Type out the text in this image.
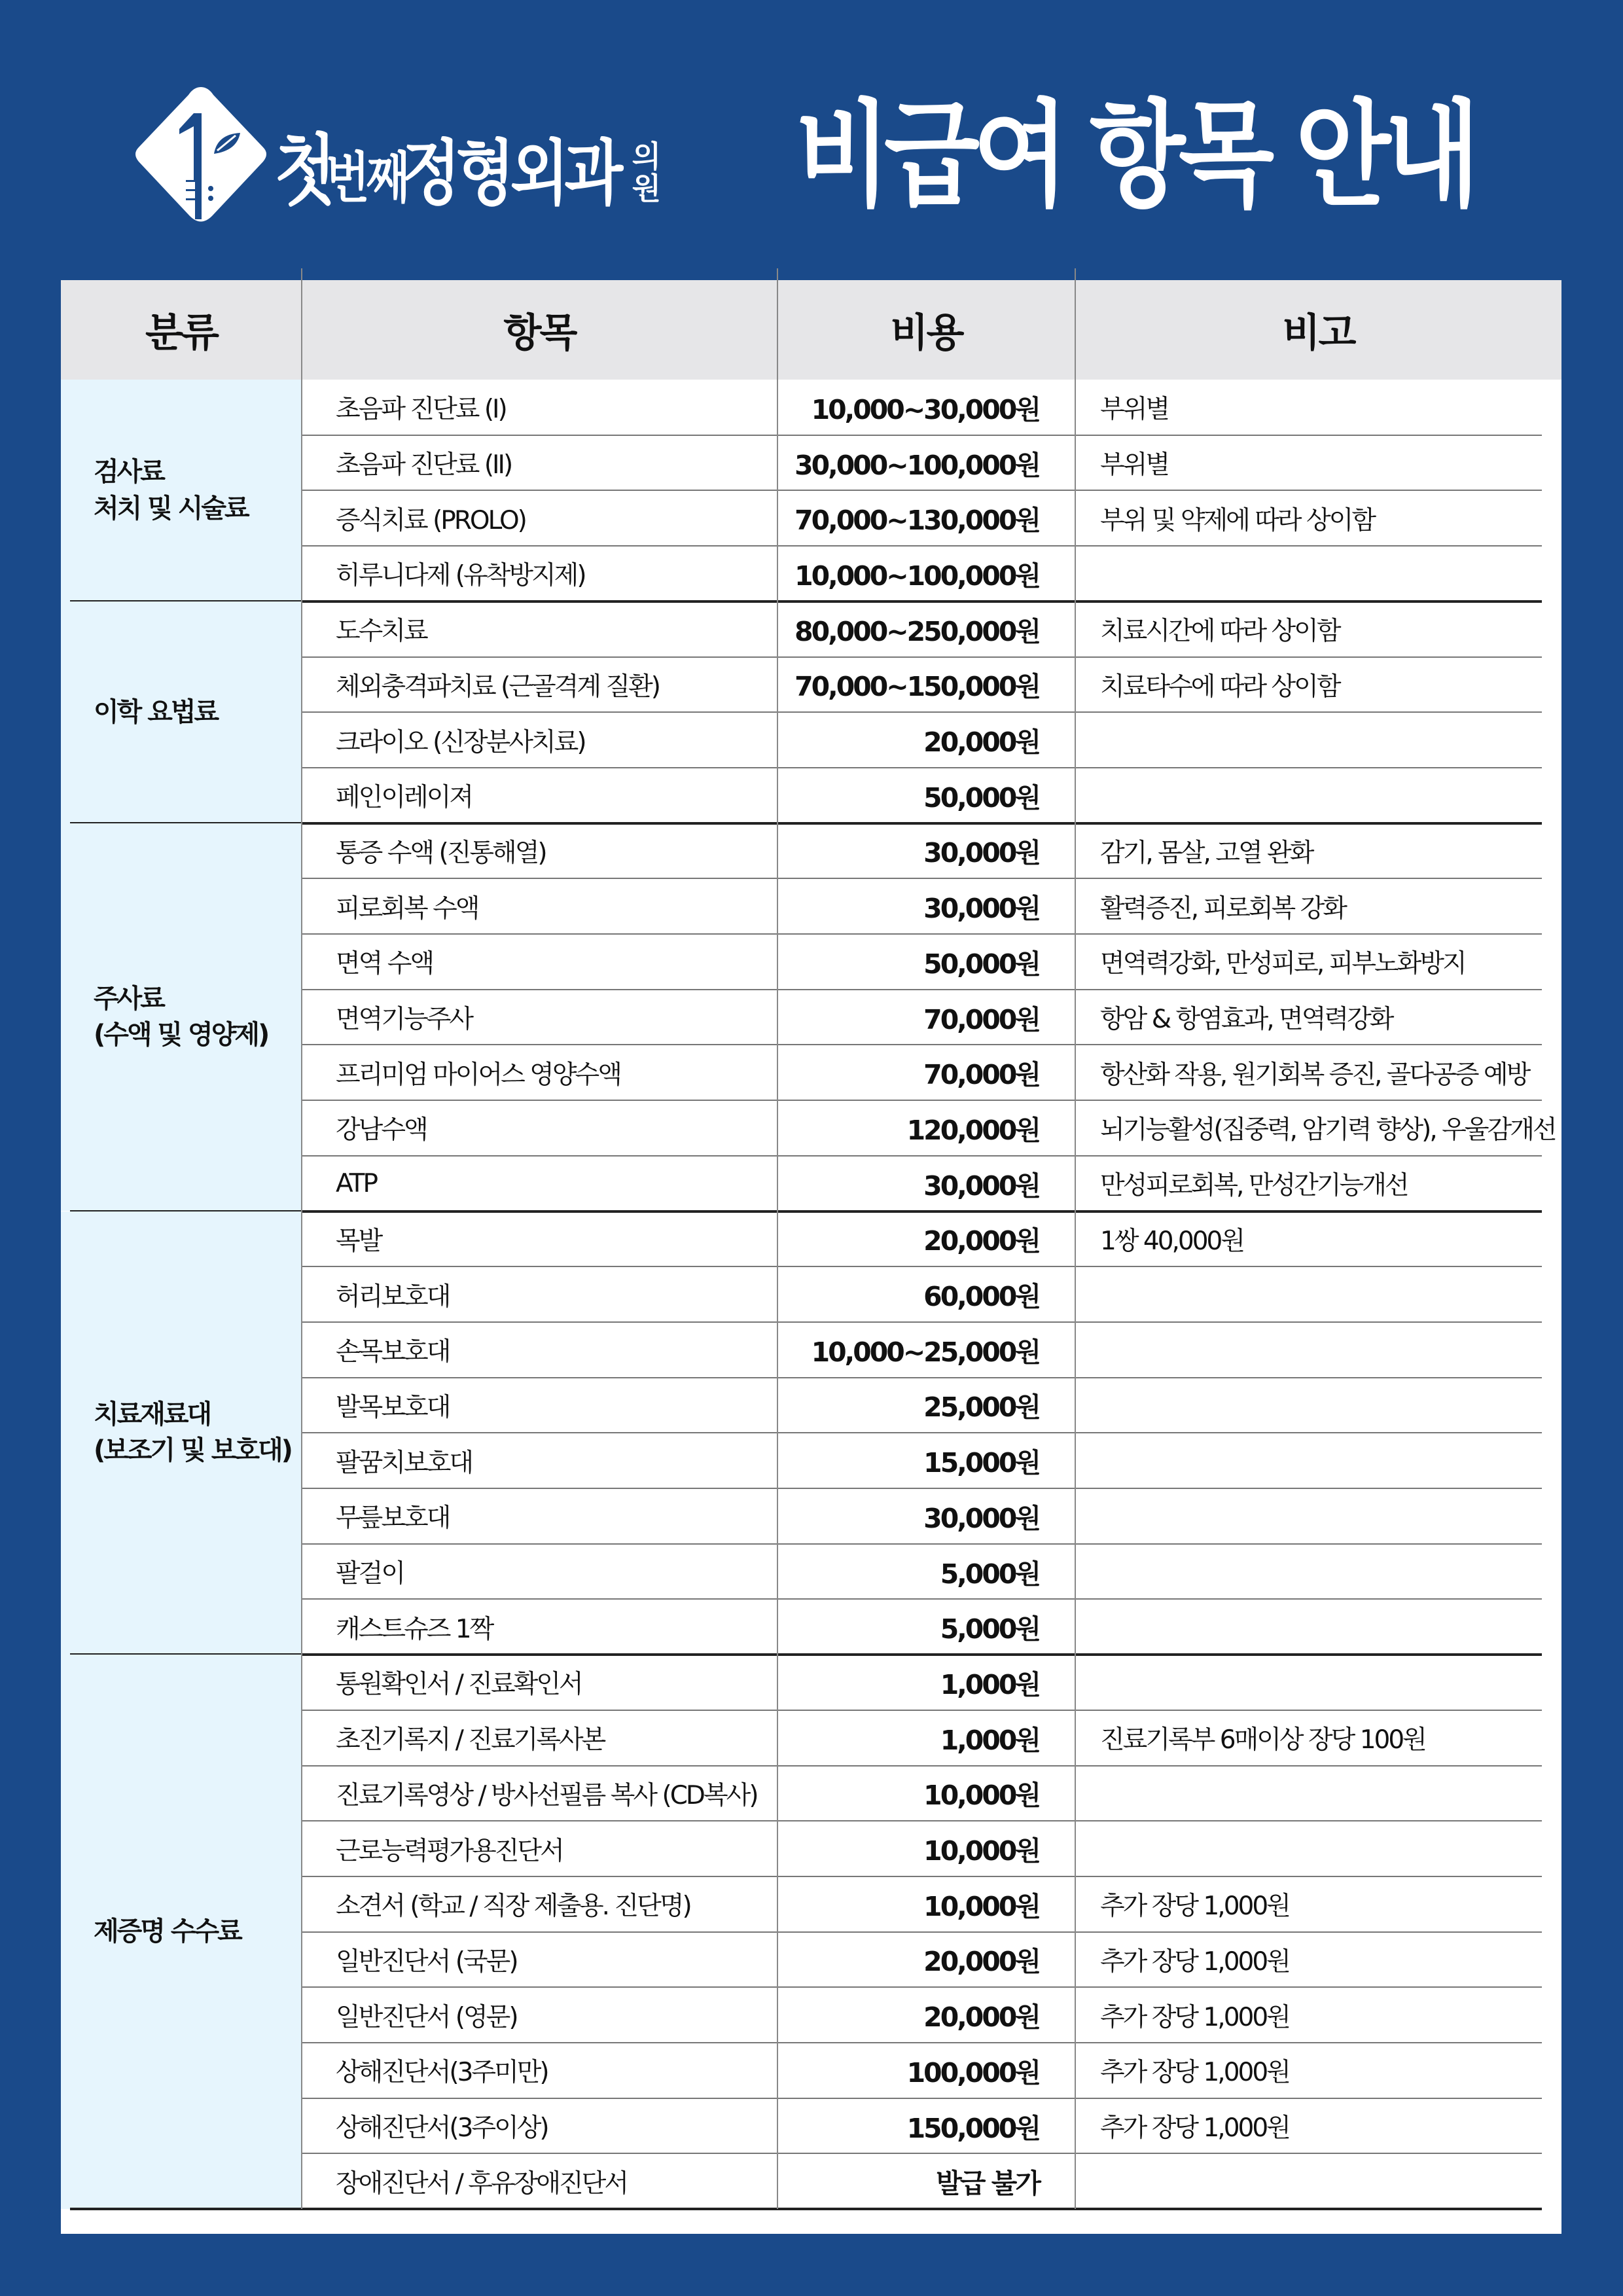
첫
번째
정형외과 의
원 비급여 항목 안내
분류	항목	비용	비고
검사료
처치 및 시술료
초음파 진단료 (I)	10,000~30,000원 부위별
초음파 진단료 (II)	30,000~100,000원 부위별
증식치료 (PROLO)	70,000~130,000원 부위 및 약제에 따라 상이함
히루니다제 (유착방지제)	10,000~100,000원
이학 요법료
도수치료	80,000~250,000원 치료시간에 따라 상이함
체외충격파치료 (근골격계 질환)	70,000~150,000원 치료타수에 따라 상이함
크라이오 (신장분사치료)	20,000원
페인이레이져	50,000원
주사료
(수액 및 영양제)
통증 수액 (진통해열)	30,000원 감기, 몸살, 고열 완화
피로회복 수액	30,000원 활력증진, 피로회복 강화
면역 수액	50,000원 면역력강화, 만성피로, 피부노화방지
면역기능주사	70,000원 항암 & 항염효과, 면역력강화
프리미엄 마이어스 영양수액	70,000원 항산화 작용, 원기회복 증진, 골다공증 예방
강남수액	120,000원 뇌기능활성(집중력, 암기력 향상), 우울감개선
ATP	30,000원 만성피로회복, 만성간기능개선
치료재료대
(보조기 및 보호대)
목발	20,000원 1쌍 40,000원
허리보호대	60,000원
손목보호대	10,000~25,000원
발목보호대	25,000원
팔꿈치보호대	15,000원
무릎보호대	30,000원
팔걸이	5,000원
캐스트슈즈 1짝	5,000원
제증명 수수료
통원확인서 / 진료확인서	1,000원
초진기록지 / 진료기록사본	1,000원 진료기록부 6매이상 장당 100원
진료기록영상 / 방사선필름 복사 (CD복사)	10,000원
근로능력평가용진단서	10,000원
소견서 (학교 / 직장 제출용. 진단명)	10,000원 추가 장당 1,000원
일반진단서 (국문)	20,000원 추가 장당 1,000원
일반진단서 (영문)	20,000원 추가 장당 1,000원
상해진단서(3주미만)	100,000원 추가 장당 1,000원
상해진단서(3주이상)	150,000원 추가 장당 1,000원
장애진단서 / 후유장애진단서	발급 불가
